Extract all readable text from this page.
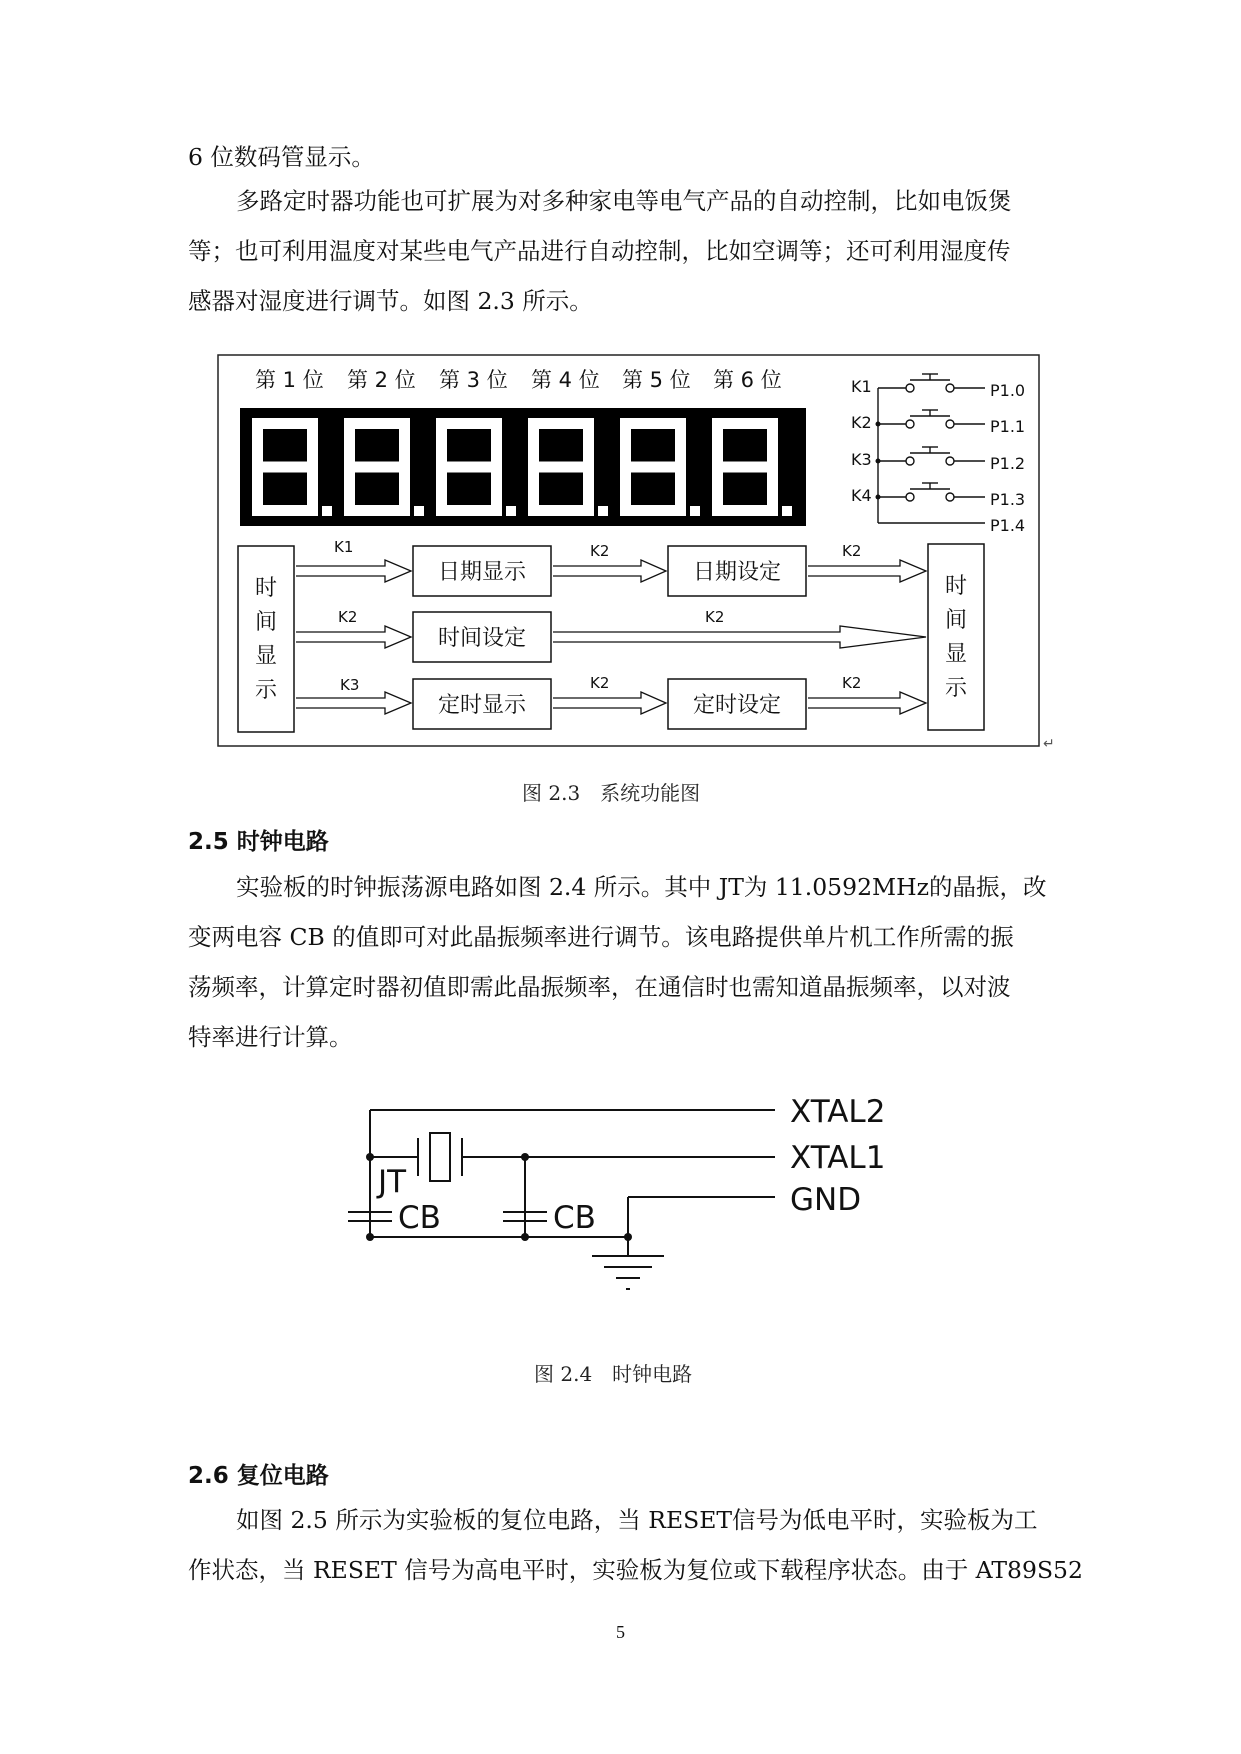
6 位数码管显示。
多路定时器功能也可扩展为对多种家电等电气产品的自动控制，比如电饭煲
等；也可利用温度对某些电气产品进行自动控制，比如空调等；还可利用湿度传
感器对湿度进行调节。如图 2.3 所示。
第 1 位 第 2 位 第 3 位 第 4 位 第 5 位 第 6 位	K1
K2
K3
K4
P1.0
P1.1
P1.2
P1.3
P1.4
时
间
显
示
时
间
显
示
日期显示	日期设定
时间设定
定时显示	定时设定
K1	K2	K2
K2	K2
K3	K2	K2
↵
图 2.3　系统功能图
2.5 时钟电路
实验板的时钟振荡源电路如图 2.4 所示。其中 JT为 11.0592MHz的晶振，改
变两电容 CB 的值即可对此晶振频率进行调节。该电路提供单片机工作所需的振
荡频率，计算定时器初值即需此晶振频率，在通信时也需知道晶振频率，以对波
特率进行计算。
XTAL2
XTAL1
GND
JT
CB	CB
图 2.4　时钟电路
2.6 复位电路
如图 2.5 所示为实验板的复位电路，当 RESET信号为低电平时，实验板为工
作状态，当 RESET 信号为高电平时，实验板为复位或下载程序状态。由于 AT89S52
5
